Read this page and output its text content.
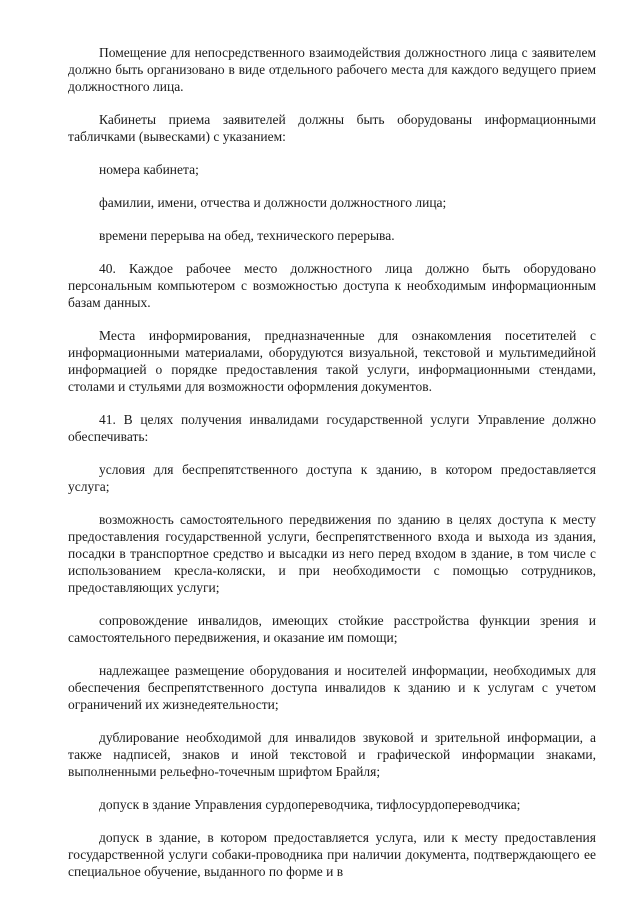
Помещение для непосредственного взаимодействия должностного лица с заявителем должно быть организовано в виде отдельного рабочего места для каждого ведущего прием должностного лица.

Кабинеты приема заявителей должны быть оборудованы информационными табличками (вывесками) с указанием:

номера кабинета;

фамилии, имени, отчества и должности должностного лица;

времени перерыва на обед, технического перерыва.

40. Каждое рабочее место должностного лица должно быть оборудовано персональным компьютером с возможностью доступа к необходимым информационным базам данных.

Места информирования, предназначенные для ознакомления посетителей с информационными материалами, оборудуются визуальной, текстовой и мультимедийной информацией о порядке предоставления такой услуги, информационными стендами, столами и стульями для возможности оформления документов.

41. В целях получения инвалидами государственной услуги Управление должно обеспечивать:

условия для беспрепятственного доступа к зданию, в котором предоставляется услуга;

возможность самостоятельного передвижения по зданию в целях доступа к месту предоставления государственной услуги, беспрепятственного входа и выхода из здания, посадки в транспортное средство и высадки из него перед входом в здание, в том числе с использованием кресла-коляски, и при необходимости с помощью сотрудников, предоставляющих услуги;

сопровождение инвалидов, имеющих стойкие расстройства функции зрения и самостоятельного передвижения, и оказание им помощи;

надлежащее размещение оборудования и носителей информации, необходимых для обеспечения беспрепятственного доступа инвалидов к зданию и к услугам с учетом ограничений их жизнедеятельности;

дублирование необходимой для инвалидов звуковой и зрительной информации, а также надписей, знаков и иной текстовой и графической информации знаками, выполненными рельефно-точечным шрифтом Брайля;

допуск в здание Управления сурдопереводчика, тифлосурдопереводчика;

допуск в здание, в котором предоставляется услуга, или к месту предоставления государственной услуги собаки-проводника при наличии документа, подтверждающего ее специальное обучение, выданного по форме и в
